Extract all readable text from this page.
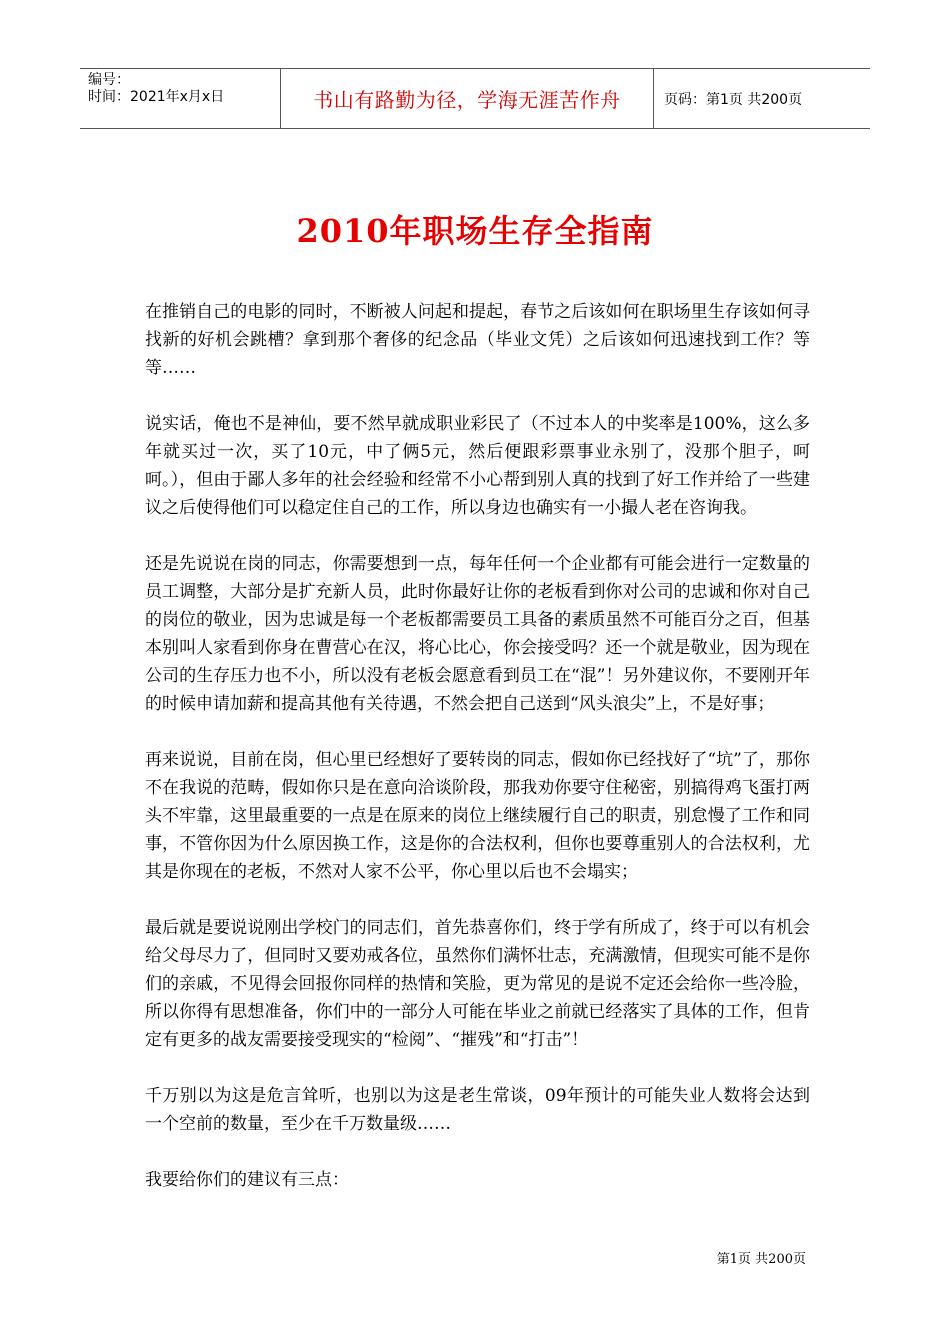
编号：
时间：2021年x月x日	书山有路勤为径，学海无涯苦作舟	页码：第1页 共200页
2010年职场生存全指南

在推销自己的电影的同时，不断被人问起和提起，春节之后该如何在职场里生存该如何寻找新的好机会跳槽？拿到那个奢侈的纪念品（毕业文凭）之后该如何迅速找到工作？等等……

说实话，俺也不是神仙，要不然早就成职业彩民了（不过本人的中奖率是100%，这么多年就买过一次，买了10元，中了俩5元，然后便跟彩票事业永别了，没那个胆子，呵呵。），但由于鄙人多年的社会经验和经常不小心帮到别人真的找到了好工作并给了一些建议之后使得他们可以稳定住自己的工作，所以身边也确实有一小撮人老在咨询我。

还是先说说在岗的同志，你需要想到一点，每年任何一个企业都有可能会进行一定数量的员工调整，大部分是扩充新人员，此时你最好让你的老板看到你对公司的忠诚和你对自己的岗位的敬业，因为忠诚是每一个老板都需要员工具备的素质虽然不可能百分之百，但基本别叫人家看到你身在曹营心在汉，将心比心，你会接受吗？还一个就是敬业，因为现在公司的生存压力也不小，所以没有老板会愿意看到员工在“混”！另外建议你，不要刚开年的时候申请加薪和提高其他有关待遇，不然会把自己送到“风头浪尖”上，不是好事；

再来说说，目前在岗，但心里已经想好了要转岗的同志，假如你已经找好了“坑”了，那你不在我说的范畴，假如你只是在意向洽谈阶段，那我劝你要守住秘密，别搞得鸡飞蛋打两头不牢靠，这里最重要的一点是在原来的岗位上继续履行自己的职责，别怠慢了工作和同事，不管你因为什么原因换工作，这是你的合法权利，但你也要尊重别人的合法权利，尤其是你现在的老板，不然对人家不公平，你心里以后也不会塌实；

最后就是要说说刚出学校门的同志们，首先恭喜你们，终于学有所成了，终于可以有机会给父母尽力了，但同时又要劝戒各位，虽然你们满怀壮志，充满激情，但现实可能不是你们的亲戚，不见得会回报你同样的热情和笑脸，更为常见的是说不定还会给你一些冷脸，所以你得有思想准备，你们中的一部分人可能在毕业之前就已经落实了具体的工作，但肯定有更多的战友需要接受现实的“检阅”、“摧残”和“打击”！

千万别以为这是危言耸听，也别以为这是老生常谈，09年预计的可能失业人数将会达到一个空前的数量，至少在千万数量级……

我要给你们的建议有三点：

第1页 共200页
